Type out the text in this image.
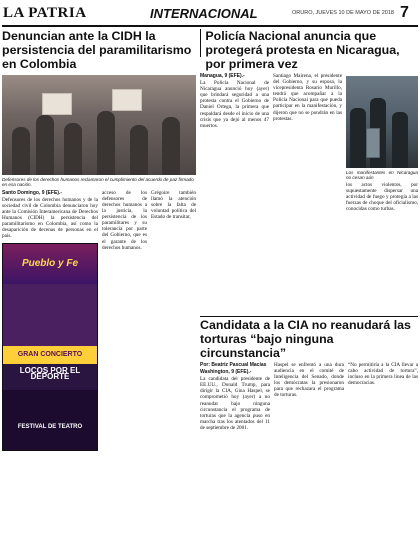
LA PATRIA	INTERNACIONAL	ORURO, JUEVES 10 DE MAYO DE 2018 7
Denuncian ante la CIDH la persistencia del paramilitarismo en Colombia
Defensores de los derechos humanos reclamaron el cumplimiento del acuerdo de paz firmado en esa nación.

Santo Domingo, 9 (EFE).-

Defensores de los derechos humanos y de la sociedad civil de Colombia denunciaron hoy ante la Comisión Interamericana de Derechos Humanos (CIDH) la persistencia del paramilitarismo en Colombia, así como la desaparición de decenas de personas en el país.

Pueblo y Fe
GRAN CONCIERTO
LOCOS POR EL DEPORTE
FESTIVAL DE TEATRO

acceso de los defensores de derechos humanos a la justicia, la persistencia de los paramilitares y su tolerancia por parte del Gobierno, que es el garante de los derechos humanos.

Grégoire también llamó la atención sobre la falta de voluntad política del Estado de transitar,

Policía Nacional anuncia que protegerá protesta en Nicaragua, por primera vez

Managua, 9 (EFE).-

La Policía Nacional de Nicaragua anunció hoy (ayer) que brindará seguridad a una protesta contra el Gobierno de Daniel Ortega, la primera que respaldará desde el inicio de una crisis que ya dejó al menos 47 muertos.

Santiago Mairena, el presidente del Gobierno, y su esposa, la vicepresidenta Rosario Murillo, tendrá que acompañar a la Policía Nacional para que pueda participar en la manifestación, y dijeron que no se pondrán en las protestas.

Los manifestantes en Nicaragua no cesan aún

los actos violentos, por supuestamente dispersar una actividad de fuego y protegía a las fuerzas de choque del oficialismo, conocidas como turbas.

Candidata a la CIA no reanudará las torturas “bajo ninguna circunstancia”

Por: Beatriz Pascual Macías

Washington, 9 (EFE).-

La candidata del presidente de EE.UU., Donald Trump, para dirigir la CIA, Gina Haspel, se comprometió hoy (ayer) a no reanudar bajo ninguna circunstancia el programa de torturas que la agencia puso en marcha tras los atentados del 11 de septiembre de 2001.

Haspel se enfrentó a una dura audiencia en el comité de Inteligencia del Senado, donde los demócratas la presionaron para que rechazara el programa de torturas.

“No permitiría a la CIA llevar a cabo actividad de tortura”, incluso en la primera línea de las democracias.
